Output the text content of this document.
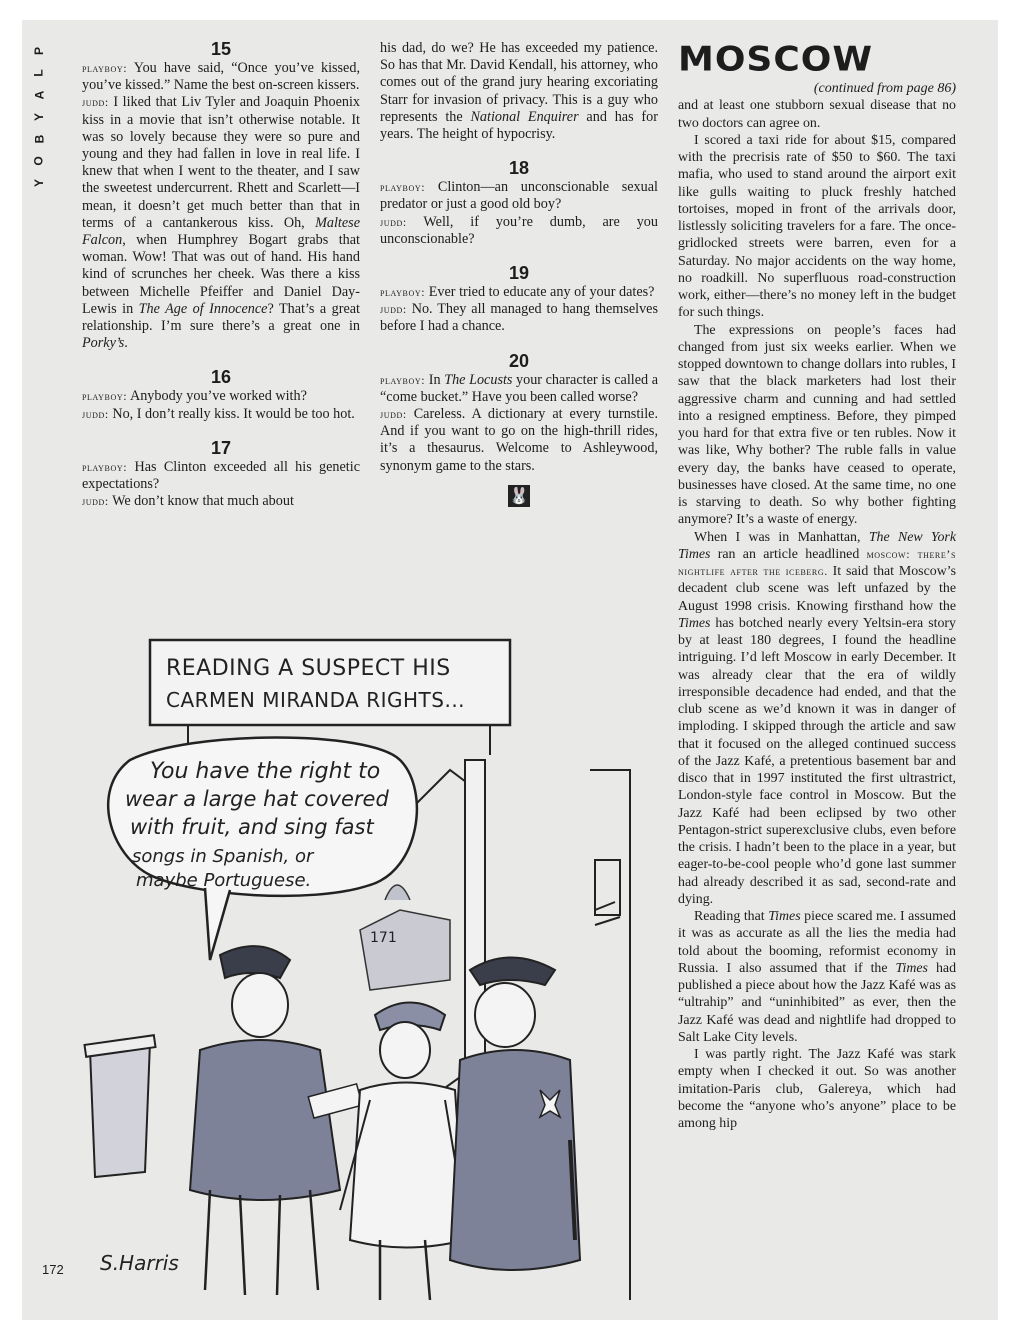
P
L
A
Y
B
O
Y

15

playboy: You have said, “Once you’ve kissed, you’ve kissed.” Name the best on-screen kissers.

judd: I liked that Liv Tyler and Joaquin Phoenix kiss in a movie that isn’t otherwise notable. It was so lovely because they were so pure and young and they had fallen in love in real life. I knew that when I went to the theater, and I saw the sweetest undercurrent. Rhett and Scarlett—I mean, it doesn’t get much better than that in terms of a cantankerous kiss. Oh, Maltese Falcon, when Humphrey Bogart grabs that woman. Wow! That was out of hand. His hand kind of scrunches her cheek. Was there a kiss between Michelle Pfeiffer and Daniel Day-Lewis in The Age of Innocence? That’s a great relationship. I’m sure there’s a great one in Porky’s.

16

playboy: Anybody you’ve worked with?

judd: No, I don’t really kiss. It would be too hot.

17

playboy: Has Clinton exceeded all his genetic expectations?

judd: We don’t know that much about

his dad, do we? He has exceeded my patience. So has that Mr. David Kendall, his attorney, who comes out of the grand jury hearing excoriating Starr for invasion of privacy. This is a guy who represents the National Enquirer and has for years. The height of hypocrisy.

18

playboy: Clinton—an unconscionable sexual predator or just a good old boy?

judd: Well, if you’re dumb, are you unconscionable?

19

playboy: Ever tried to educate any of your dates?

judd: No. They all managed to hang themselves before I had a chance.

20

playboy: In The Locusts your character is called a “come bucket.” Have you been called worse?

judd: Careless. A dictionary at every turnstile. And if you want to go on the high-thrill rides, it’s a thesaurus. Welcome to Ashleywood, synonym game to the stars.

🐰

MOSCOW

(continued from page 86)

and at least one stubborn sexual disease that no two doctors can agree on.

I scored a taxi ride for about $15, compared with the precrisis rate of $50 to $60. The taxi mafia, who used to stand around the airport exit like gulls waiting to pluck freshly hatched tortoises, moped in front of the arrivals door, listlessly soliciting travelers for a fare. The once-gridlocked streets were barren, even for a Saturday. No major accidents on the way home, no roadkill. No superfluous road-construction work, either—there’s no money left in the budget for such things.

The expressions on people’s faces had changed from just six weeks earlier. When we stopped downtown to change dollars into rubles, I saw that the black marketers had lost their aggressive charm and cunning and had settled into a resigned emptiness. Before, they pimped you hard for that extra five or ten rubles. Now it was like, Why bother? The ruble falls in value every day, the banks have ceased to operate, businesses have closed. At the same time, no one is starving to death. So why bother fighting anymore? It’s a waste of energy.

When I was in Manhattan, The New York Times ran an article headlined moscow: there’s nightlife after the iceberg. It said that Moscow’s decadent club scene was left unfazed by the August 1998 crisis. Knowing firsthand how the Times has botched nearly every Yeltsin-era story by at least 180 degrees, I found the headline intriguing. I’d left Moscow in early December. It was already clear that the era of wildly irresponsible decadence had ended, and that the club scene as we’d known it was in danger of imploding. I skipped through the article and saw that it focused on the alleged continued success of the Jazz Kafé, a pretentious basement bar and disco that in 1997 instituted the first ultrastrict, London-style face control in Moscow. But the Jazz Kafé had been eclipsed by two other Pentagon-strict superexclusive clubs, even before the crisis. I hadn’t been to the place in a year, but eager-to-be-cool people who’d gone last summer had already described it as sad, second-rate and dying.

Reading that Times piece scared me. I assumed it was as accurate as all the lies the media had told about the booming, reformist economy in Russia. I also assumed that if the Times had published a piece about how the Jazz Kafé was as “ultrahip” and “uninhibited” as ever, then the Jazz Kafé was dead and nightlife had dropped to Salt Lake City levels.

I was partly right. The Jazz Kafé was stark empty when I checked it out. So was another imitation-Paris club, Galereya, which had become the “anyone who’s anyone” place to be among hip

171
READING A SUSPECT HIS
CARMEN MIRANDA RIGHTS...
You have the right to
wear a large hat covered
with fruit, and sing fast
songs in Spanish, or
maybe Portuguese.
S.Harris
172
